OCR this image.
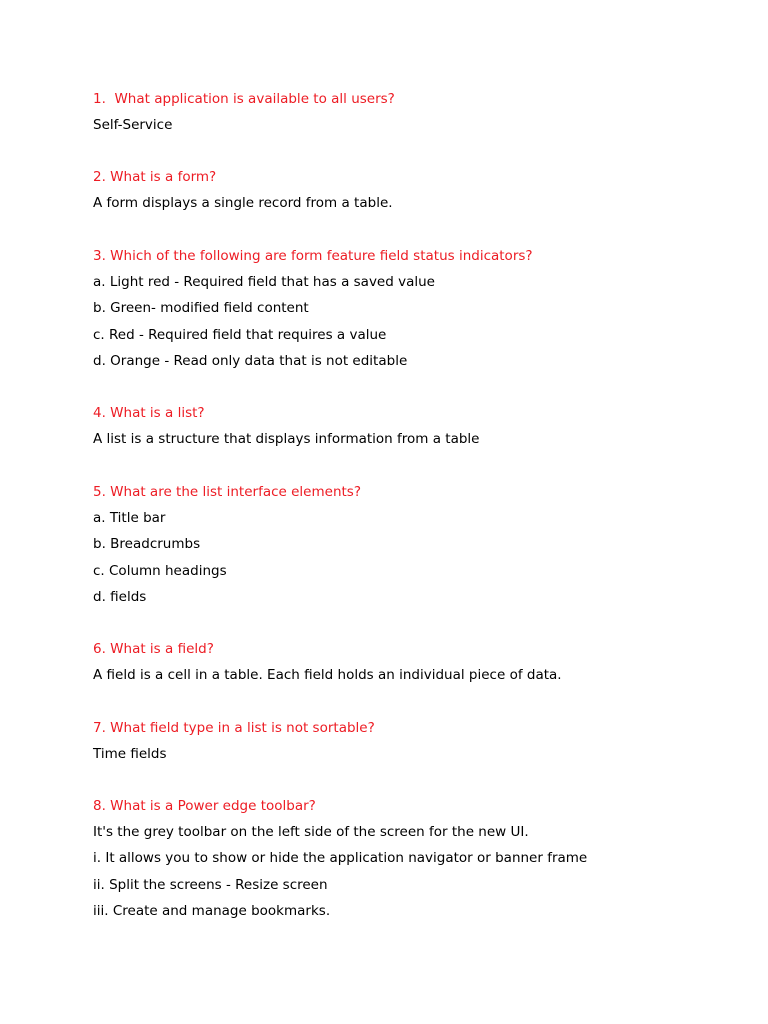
1.  What application is available to all users?
Self-Service
2. What is a form?
A form displays a single record from a table.
3. Which of the following are form feature field status indicators?
a. Light red - Required field that has a saved value
b. Green- modified field content
c. Red - Required field that requires a value
d. Orange - Read only data that is not editable
4. What is a list?
A list is a structure that displays information from a table
5. What are the list interface elements?
a. Title bar
b. Breadcrumbs
c. Column headings
d. fields
6. What is a field?
A field is a cell in a table. Each field holds an individual piece of data.
7. What field type in a list is not sortable?
Time fields
8. What is a Power edge toolbar?
It's the grey toolbar on the left side of the screen for the new UI.
i. It allows you to show or hide the application navigator or banner frame
ii. Split the screens - Resize screen
iii. Create and manage bookmarks.
